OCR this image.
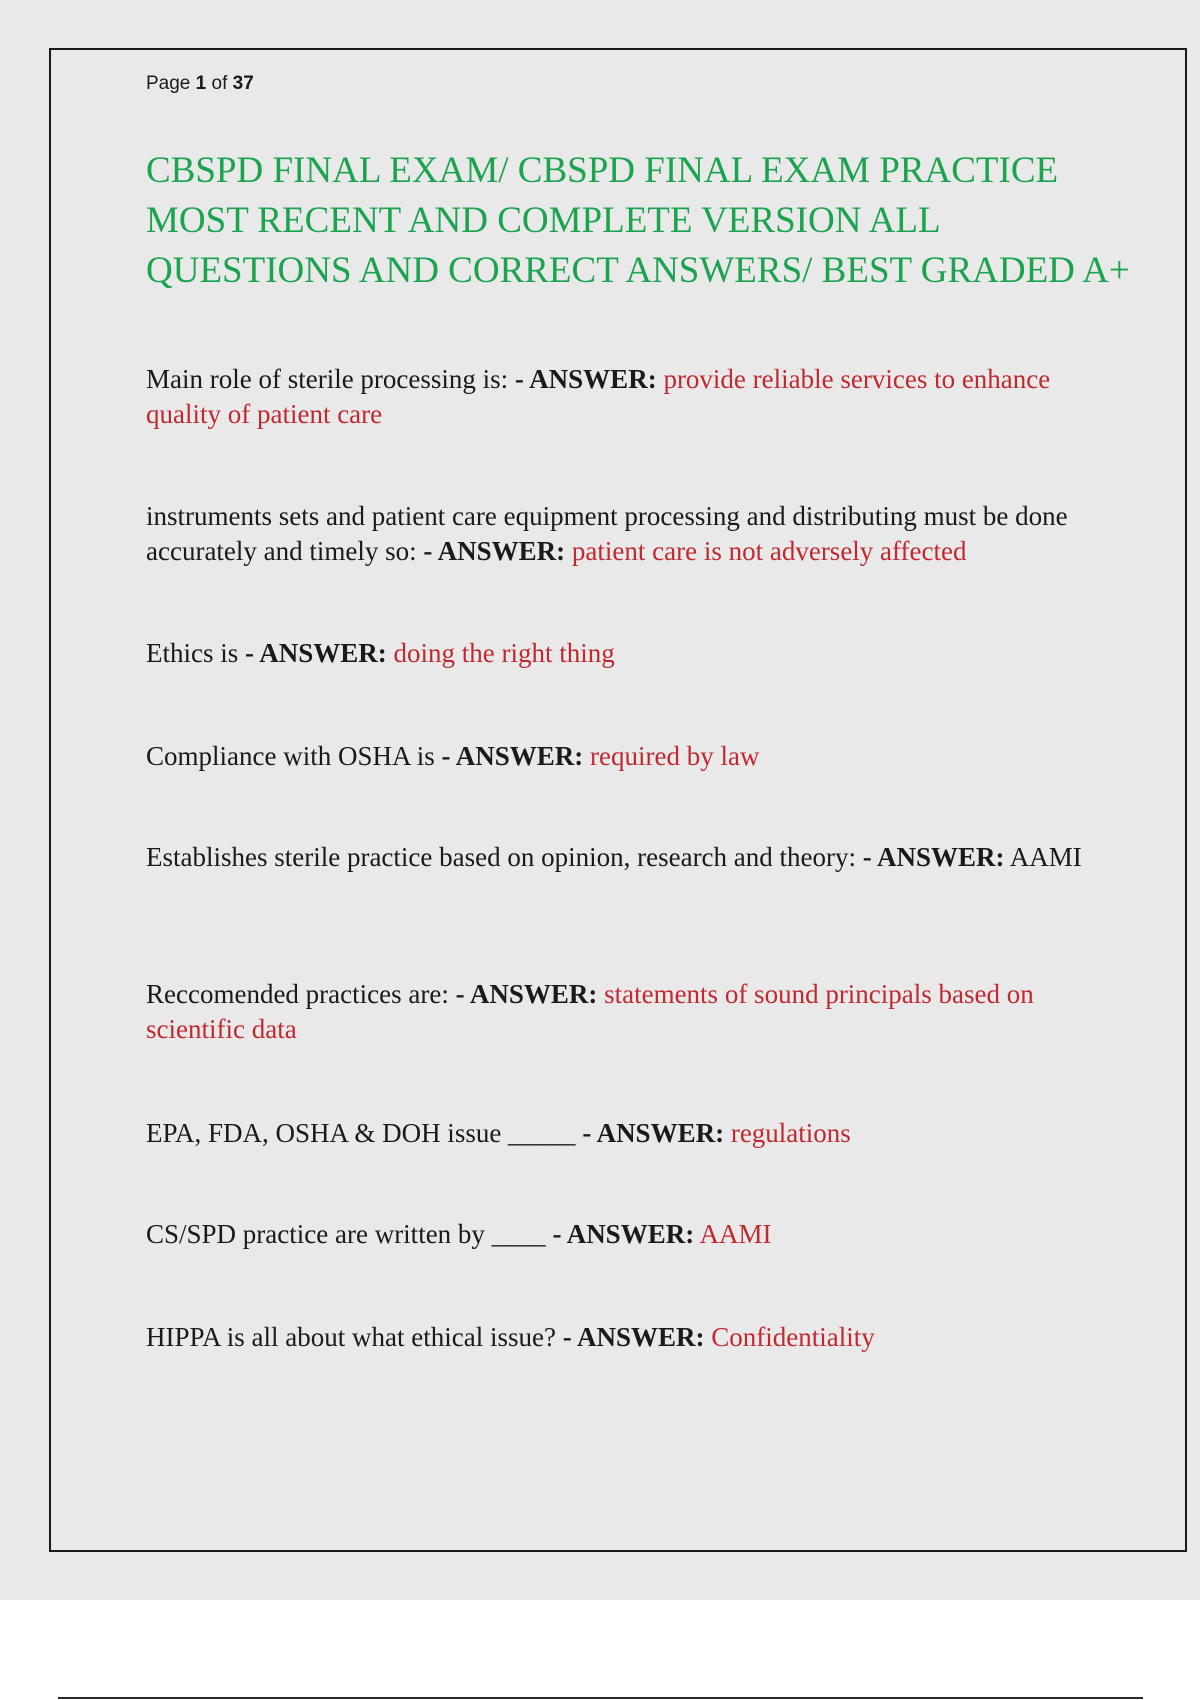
Page 1 of 37
CBSPD FINAL EXAM/ CBSPD FINAL EXAM PRACTICE MOST RECENT AND COMPLETE VERSION ALL QUESTIONS AND CORRECT ANSWERS/ BEST GRADED A+

Main role of sterile processing is: - ANSWER: provide reliable services to enhance quality of patient care

instruments sets and patient care equipment processing and distributing must be done accurately and timely so: - ANSWER: patient care is not adversely affected

Ethics is - ANSWER: doing the right thing

Compliance with OSHA is - ANSWER: required by law

Establishes sterile practice based on opinion, research and theory: - ANSWER: AAMI

Reccomended practices are: - ANSWER: statements of sound principals based on scientific data

EPA, FDA, OSHA & DOH issue _____ - ANSWER: regulations

CS/SPD practice are written by ____ - ANSWER: AAMI

HIPPA is all about what ethical issue? - ANSWER: Confidentiality
